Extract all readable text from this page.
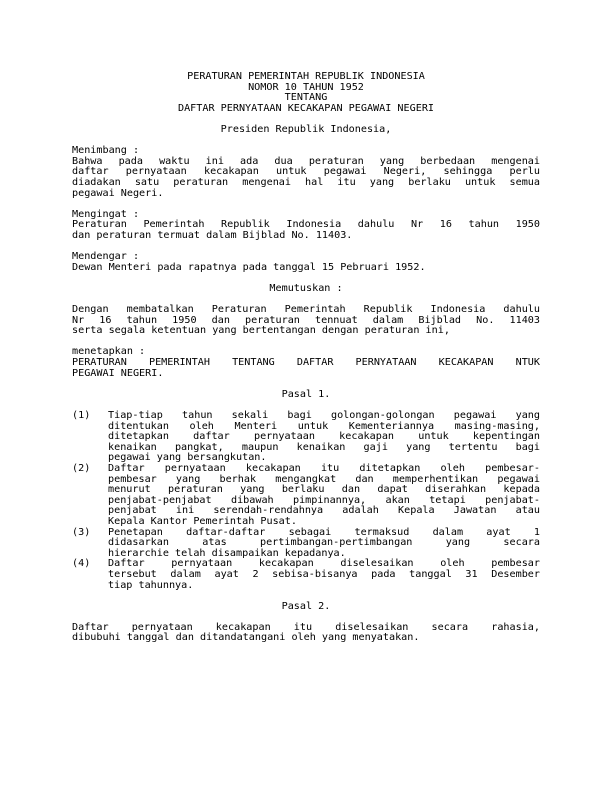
PERATURAN PEMERINTAH REPUBLIK INDONESIA
NOMOR 10 TAHUN 1952
TENTANG
DAFTAR PERNYATAAN KECAKAPAN PEGAWAI NEGERI
Presiden Republik Indonesia,
Menimbang :
Bahwa pada waktu ini ada dua peraturan yang berbedaan mengenai
daftar pernyataan kecakapan untuk pegawai Negeri, sehingga perlu
diadakan satu peraturan mengenai hal itu yang berlaku untuk semua
pegawai Negeri.
Mengingat :
Peraturan Pemerintah Republik Indonesia dahulu Nr 16 tahun 1950
dan peraturan termuat dalam Bijblad No. 11403.
Mendengar :
Dewan Menteri pada rapatnya pada tanggal 15 Pebruari 1952.
Memutuskan :
Dengan membatalkan Peraturan Pemerintah Republik Indonesia dahulu
Nr 16 tahun 1950 dan peraturan tennuat dalam Bijblad No. 11403
serta segala ketentuan yang bertentangan dengan peraturan ini,
menetapkan :
PERATURAN PEMERINTAH TENTANG DAFTAR PERNYATAAN KECAKAPAN NTUK
PEGAWAI NEGERI.
Pasal 1.
(1) Tiap-tiap tahun sekali bagi golongan-golongan pegawai yang
ditentukan oleh Menteri untuk Kementeriannya masing-masing,
ditetapkan daftar pernyataan kecakapan untuk kepentingan
kenaikan pangkat, maupun kenaikan gaji yang tertentu bagi
pegawai yang bersangkutan.
(2) Daftar pernyataan kecakapan itu ditetapkan oleh pembesar-
pembesar yang berhak mengangkat dan memperhentikan pegawai
menurut peraturan yang berlaku dan dapat diserahkan kepada
penjabat-penjabat dibawah pimpinannya, akan tetapi penjabat-
penjabat ini serendah-rendahnya adalah Kepala Jawatan atau
Kepala Kantor Pemerintah Pusat.
(3) Penetapan daftar-daftar sebagai termaksud dalam ayat 1
didasarkan atas pertimbangan-pertimbangan yang secara
hierarchie telah disampaikan kepadanya.
(4) Daftar pernyataan kecakapan diselesaikan oleh pembesar
tersebut dalam ayat 2 sebisa-bisanya pada tanggal 31 Desember
tiap tahunnya.
Pasal 2.
Daftar pernyataan kecakapan itu diselesaikan secara rahasia,
dibubuhi tanggal dan ditandatangani oleh yang menyatakan.
